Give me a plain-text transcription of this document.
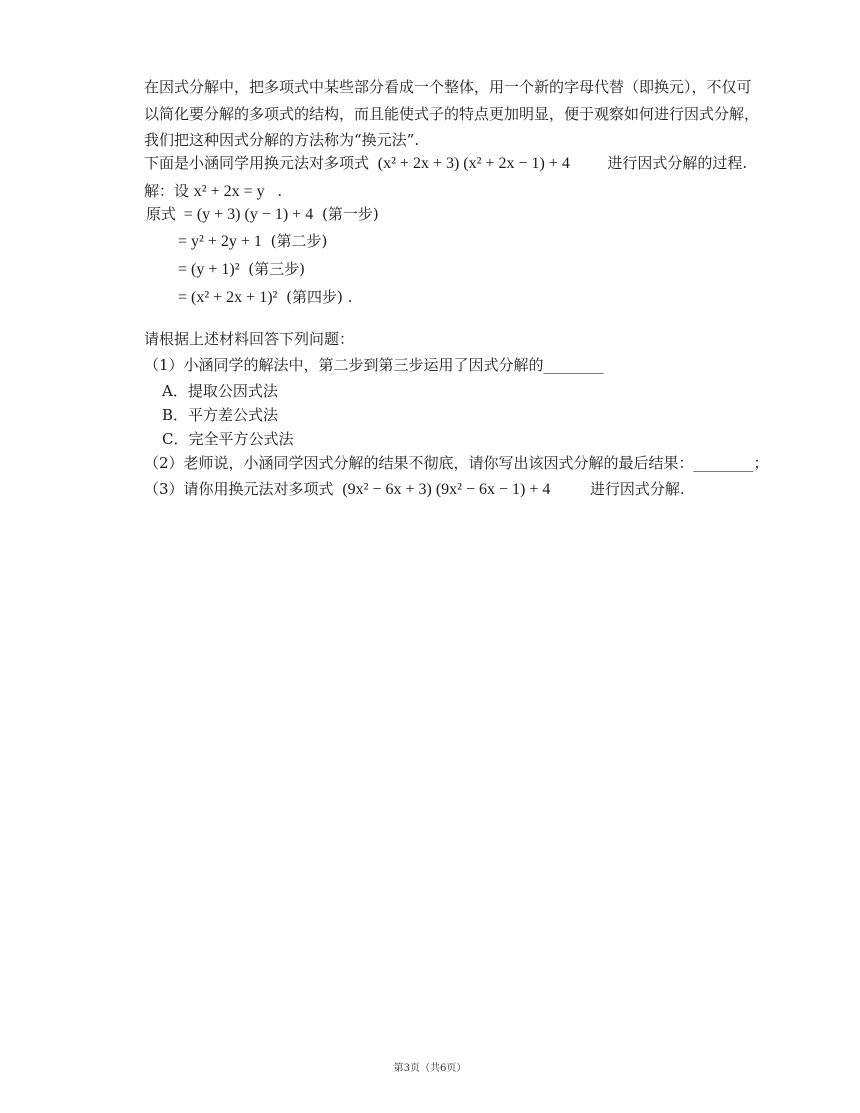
在因式分解中，把多项式中某些部分看成一个整体，用一个新的字母代替（即换元），不仅可
以简化要分解的多项式的结构，而且能使式子的特点更加明显，便于观察如何进行因式分解，
我们把这种因式分解的方法称为“换元法”.
下面是小涵同学用换元法对多项式 (x² + 2x + 3) (x² + 2x − 1) + 4	进行因式分解的过程.
解：设 x² + 2x = y .
原式 = (y + 3) (y − 1) + 4 (第一步)
= y² + 2y + 1 (第二步)
= (y + 1)² (第三步)
= (x² + 2x + 1)² (第四步) .
请根据上述材料回答下列问题：
（1）小涵同学的解法中，第二步到第三步运用了因式分解的________
A．提取公因式法
B．平方差公式法
C．完全平方公式法
（2）老师说，小涵同学因式分解的结果不彻底，请你写出该因式分解的最后结果：________；
（3）请你用换元法对多项式 (9x² − 6x + 3) (9x² − 6x − 1) + 4	进行因式分解.
第3页（共6页）
